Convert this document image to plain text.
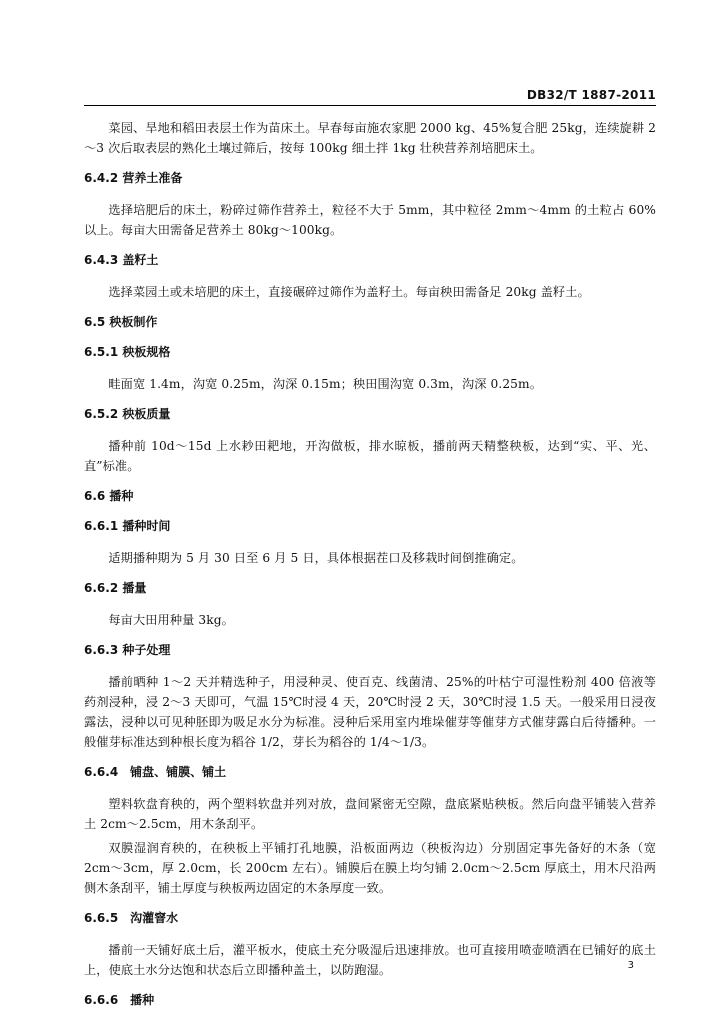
DB32/T 1887-2011
菜园、旱地和稻田表层土作为苗床土。早春每亩施农家肥 2000 kg、45%复合肥 25kg，连续旋耕 2～3 次后取表层的熟化土壤过筛后，按每 100kg 细土拌 1kg 壮秧营养剂培肥床土。
6.4.2 营养土准备
选择培肥后的床土，粉碎过筛作营养土，粒径不大于 5mm，其中粒径 2mm～4mm 的土粒占 60%以上。每亩大田需备足营养土 80kg～100kg。
6.4.3 盖籽土
选择菜园土或未培肥的床土，直接碾碎过筛作为盖籽土。每亩秧田需备足 20kg 盖籽土。
6.5 秧板制作
6.5.1 秧板规格
畦面宽 1.4m，沟宽 0.25m，沟深 0.15m；秧田围沟宽 0.3m，沟深 0.25m。
6.5.2 秧板质量
播种前 10d～15d 上水耖田耙地，开沟做板，排水晾板，播前两天精整秧板，达到“实、平、光、直”标准。
6.6 播种
6.6.1 播种时间
适期播种期为 5 月 30 日至 6 月 5 日，具体根据茬口及移栽时间倒推确定。
6.6.2 播量
每亩大田用种量 3kg。
6.6.3 种子处理
播前晒种 1～2 天并精选种子，用浸种灵、使百克、线菌清、25%的叶枯宁可湿性粉剂 400 倍液等药剂浸种，浸 2～3 天即可，气温 15℃时浸 4 天，20℃时浸 2 天，30℃时浸 1.5 天。一般采用日浸夜露法，浸种以可见种胚即为吸足水分为标准。浸种后采用室内堆垛催芽等催芽方式催芽露白后待播种。一般催芽标准达到种根长度为稻谷 1/2，芽长为稻谷的 1/4～1/3。
6.6.4　铺盘、铺膜、铺土
塑料软盘育秧的，两个塑料软盘并列对放，盘间紧密无空隙，盘底紧贴秧板。然后向盘平铺装入营养土 2cm～2.5cm，用木条刮平。
双膜湿润育秧的，在秧板上平铺打孔地膜，沿板面两边（秧板沟边）分别固定事先备好的木条（宽 2cm～3cm，厚 2.0cm，长 200cm 左右）。铺膜后在膜上均匀铺 2.0cm～2.5cm 厚底土，用木尺沿两侧木条刮平，铺土厚度与秧板两边固定的木条厚度一致。
6.6.5　沟灌窨水
播前一天铺好底土后，灌平板水，使底土充分吸湿后迅速排放。也可直接用喷壶喷洒在已铺好的底土上，使底土水分达饱和状态后立即播种盖土，以防跑湿。
6.6.6　播种
3
